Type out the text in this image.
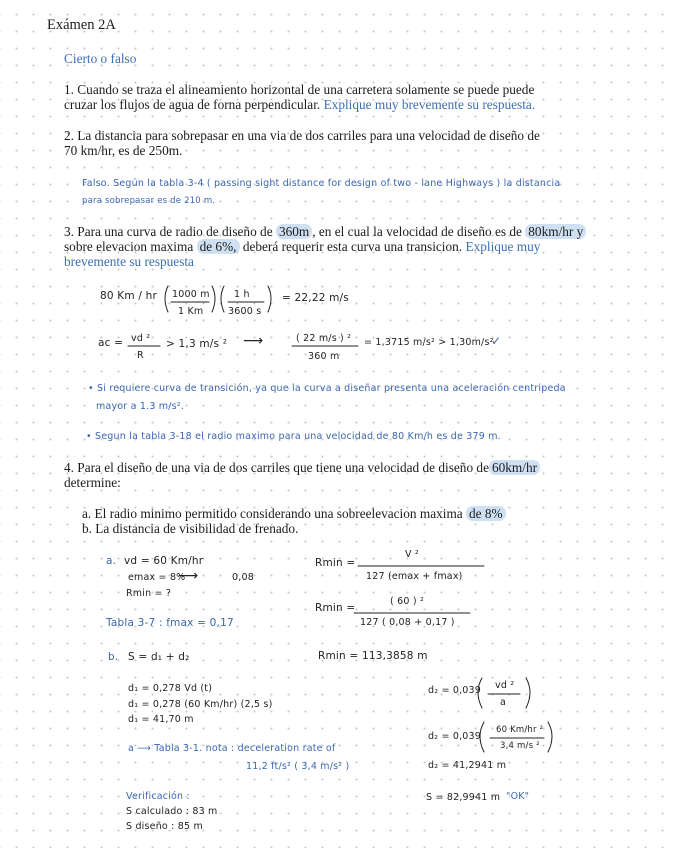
Exámen 2A
Cierto o falso
1. Cuando se traza el alineamiento horizontal de una carretera solamente se puede puede
cruzar los flujos de agua de forna perpendicular. Explique muy brevemente su respuesta.
2. La distancia para sobrepasar en una via de dos carriles para una velocidad de diseño de
70 km/hr, es de 250m.
Falso. Según la tabla 3-4 ( passing sight distance for design of two - lane Highways ) la distancia
para sobrepasar es de 210 m.
3. Para una curva de radio de diseño de 360m , en el cual la velocidad de diseño es de 80km/hr y
sobre elevacion maxima de 6%, deberá requerir esta curva una transicion. Explique muy
brevemente su respuesta
80 Km / hr 1000 m
1 Km
1 h
3600 s
= 22,22 m/s
ac = vd ²
R
> 1,3 m/s ² ⟶	( 22 m/s ) ²
360 m
= 1,3715 m/s² > 1,30m/s²
✓
• Si requiere curva de transición, ya que la curva a diseñar presenta una aceleración centripeda
mayor a 1.3 m/s².
• Segun la tabla 3-18 el radio maximo para una velocidad de 80 Km/h es de 379 m.
4. Para el diseño de una via de dos carriles que tiene una velocidad de diseño de 60km/hr
determine:
a. El radio minimo permitido considerando una sobreelevacion maxima de 8%
b. La distancia de visibilidad de frenado.
a. vd = 60 Km/hr
emax = 8%
⟶	0,08
Rmin = ?
Tabla 3-7 : fmax = 0,17
Rmin =
V ²
127 (emax + fmax)
Rmin =
( 60 ) ²
127 ( 0,08 + 0,17 )
Rmin = 113,3858 m
b. S = d₁ + d₂
d₁ = 0,278 Vd (t)
d₁ = 0,278 (60 Km/hr) (2,5 s)
d₁ = 41,70 m
d₂ = 0,039 vd ²
a
d₂ = 0,039
60 Km/hr ²
3,4 m/s ²
d₂ = 41,2941 m
a ⟶ Tabla 3-1. nota : deceleration rate of
11,2 ft/s² ( 3,4 m/s² )
S = 82,9941 m "OK"
Verificación :
S calculado : 83 m
S diseño : 85 m
